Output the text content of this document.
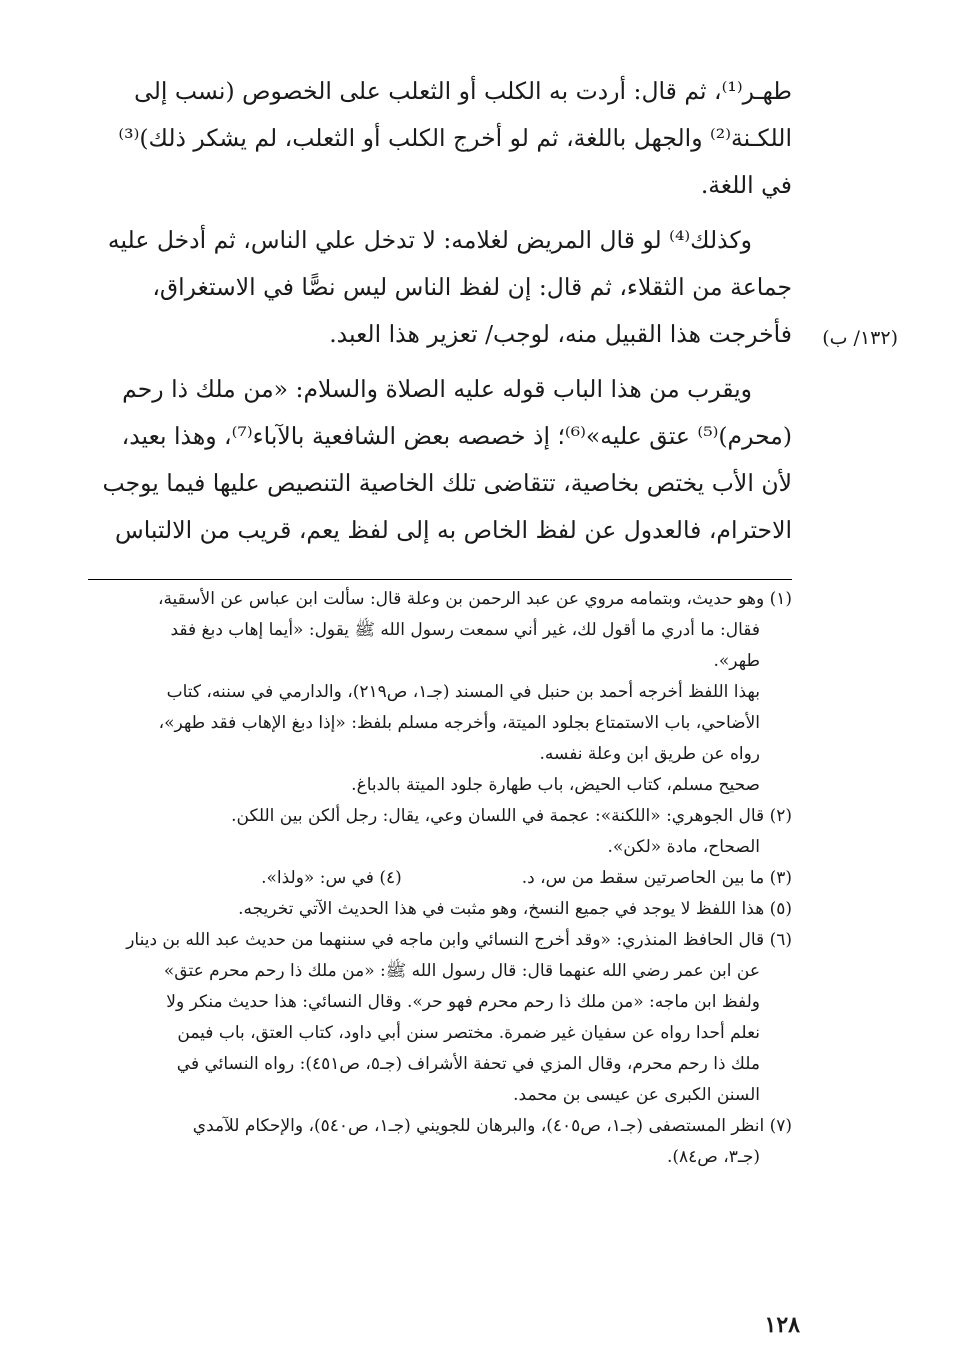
طهـر⁽¹⁾، ثم قال: أردت به الكلب أو الثعلب على الخصوص (نسب إلى

اللكـنة⁽²⁾ والجهل باللغة، ثم لو أخرج الكلب أو الثعلب، لم يشكر ذلك)⁽³⁾

في اللغة.

وكذلك⁽⁴⁾ لو قال المريض لغلامه: لا تدخل علي الناس، ثم أدخل عليه

جماعة من الثقلاء، ثم قال: إن لفظ الناس ليس نصًّا في الاستغراق،

فأخرجت هذا القبيل منه، لوجب/ تعزير هذا العبد.

ويقرب من هذا الباب قوله عليه الصلاة والسلام: «من ملك ذا رحم

(محرم)⁽⁵⁾ عتق عليه»⁽⁶⁾؛ إذ خصصه بعض الشافعية بالآباء⁽⁷⁾، وهذا بعيد،

لأن الأب يختص بخاصية، تتقاضى تلك الخاصية التنصيص عليها فيما يوجب

الاحترام، فالعدول عن لفظ الخاص به إلى لفظ يعم، قريب من الالتباس

(١٣٢/ ب)

(١) وهو حديث، وبتمامه مروي عن عبد الرحمن بن وعلة قال: سألت ابن عباس عن الأسقية،

فقال: ما أدري ما أقول لك، غير أني سمعت رسول الله ﷺ يقول: «أيما إهاب دبغ فقد

طهر».

بهذا اللفظ أخرجه أحمد بن حنبل في المسند (جـ١، ص٢١٩)، والدارمي في سننه، كتاب

الأضاحي، باب الاستمتاع بجلود الميتة، وأخرجه مسلم بلفظ: «إذا دبغ الإهاب فقد طهر»،

رواه عن طريق ابن وعلة نفسه.

صحيح مسلم، كتاب الحيض، باب طهارة جلود الميتة بالدباغ.

(٢) قال الجوهري: «اللكنة»: عجمة في اللسان وعي، يقال: رجل ألكن بين اللكن.

الصحاح، مادة «لكن».

(٣) ما بين الحاصرتين سقط من س، د.
(٤) في س: «ولذا».

(٥) هذا اللفظ لا يوجد في جميع النسخ، وهو مثبت في هذا الحديث الآتي تخريجه.

(٦) قال الحافظ المنذري: «وقد أخرج النسائي وابن ماجه في سننهما من حديث عبد الله بن دينار

عن ابن عمر رضي الله عنهما قال: قال رسول الله ﷺ: «من ملك ذا رحم محرم عتق»

ولفظ ابن ماجه: «من ملك ذا رحم محرم فهو حر». وقال النسائي: هذا حديث منكر ولا

نعلم أحدا رواه عن سفيان غير ضمرة. مختصر سنن أبي داود، كتاب العتق، باب فيمن

ملك ذا رحم محرم، وقال المزي في تحفة الأشراف (جـ٥، ص٤٥١): رواه النسائي في

السنن الكبرى عن عيسى بن محمد.

(٧) انظر المستصفى (جـ١، ص٤٠٥)، والبرهان للجويني (جـ١، ص٥٤٠)، والإحكام للآمدي

(جـ٣، ص٨٤).

١٢٨
